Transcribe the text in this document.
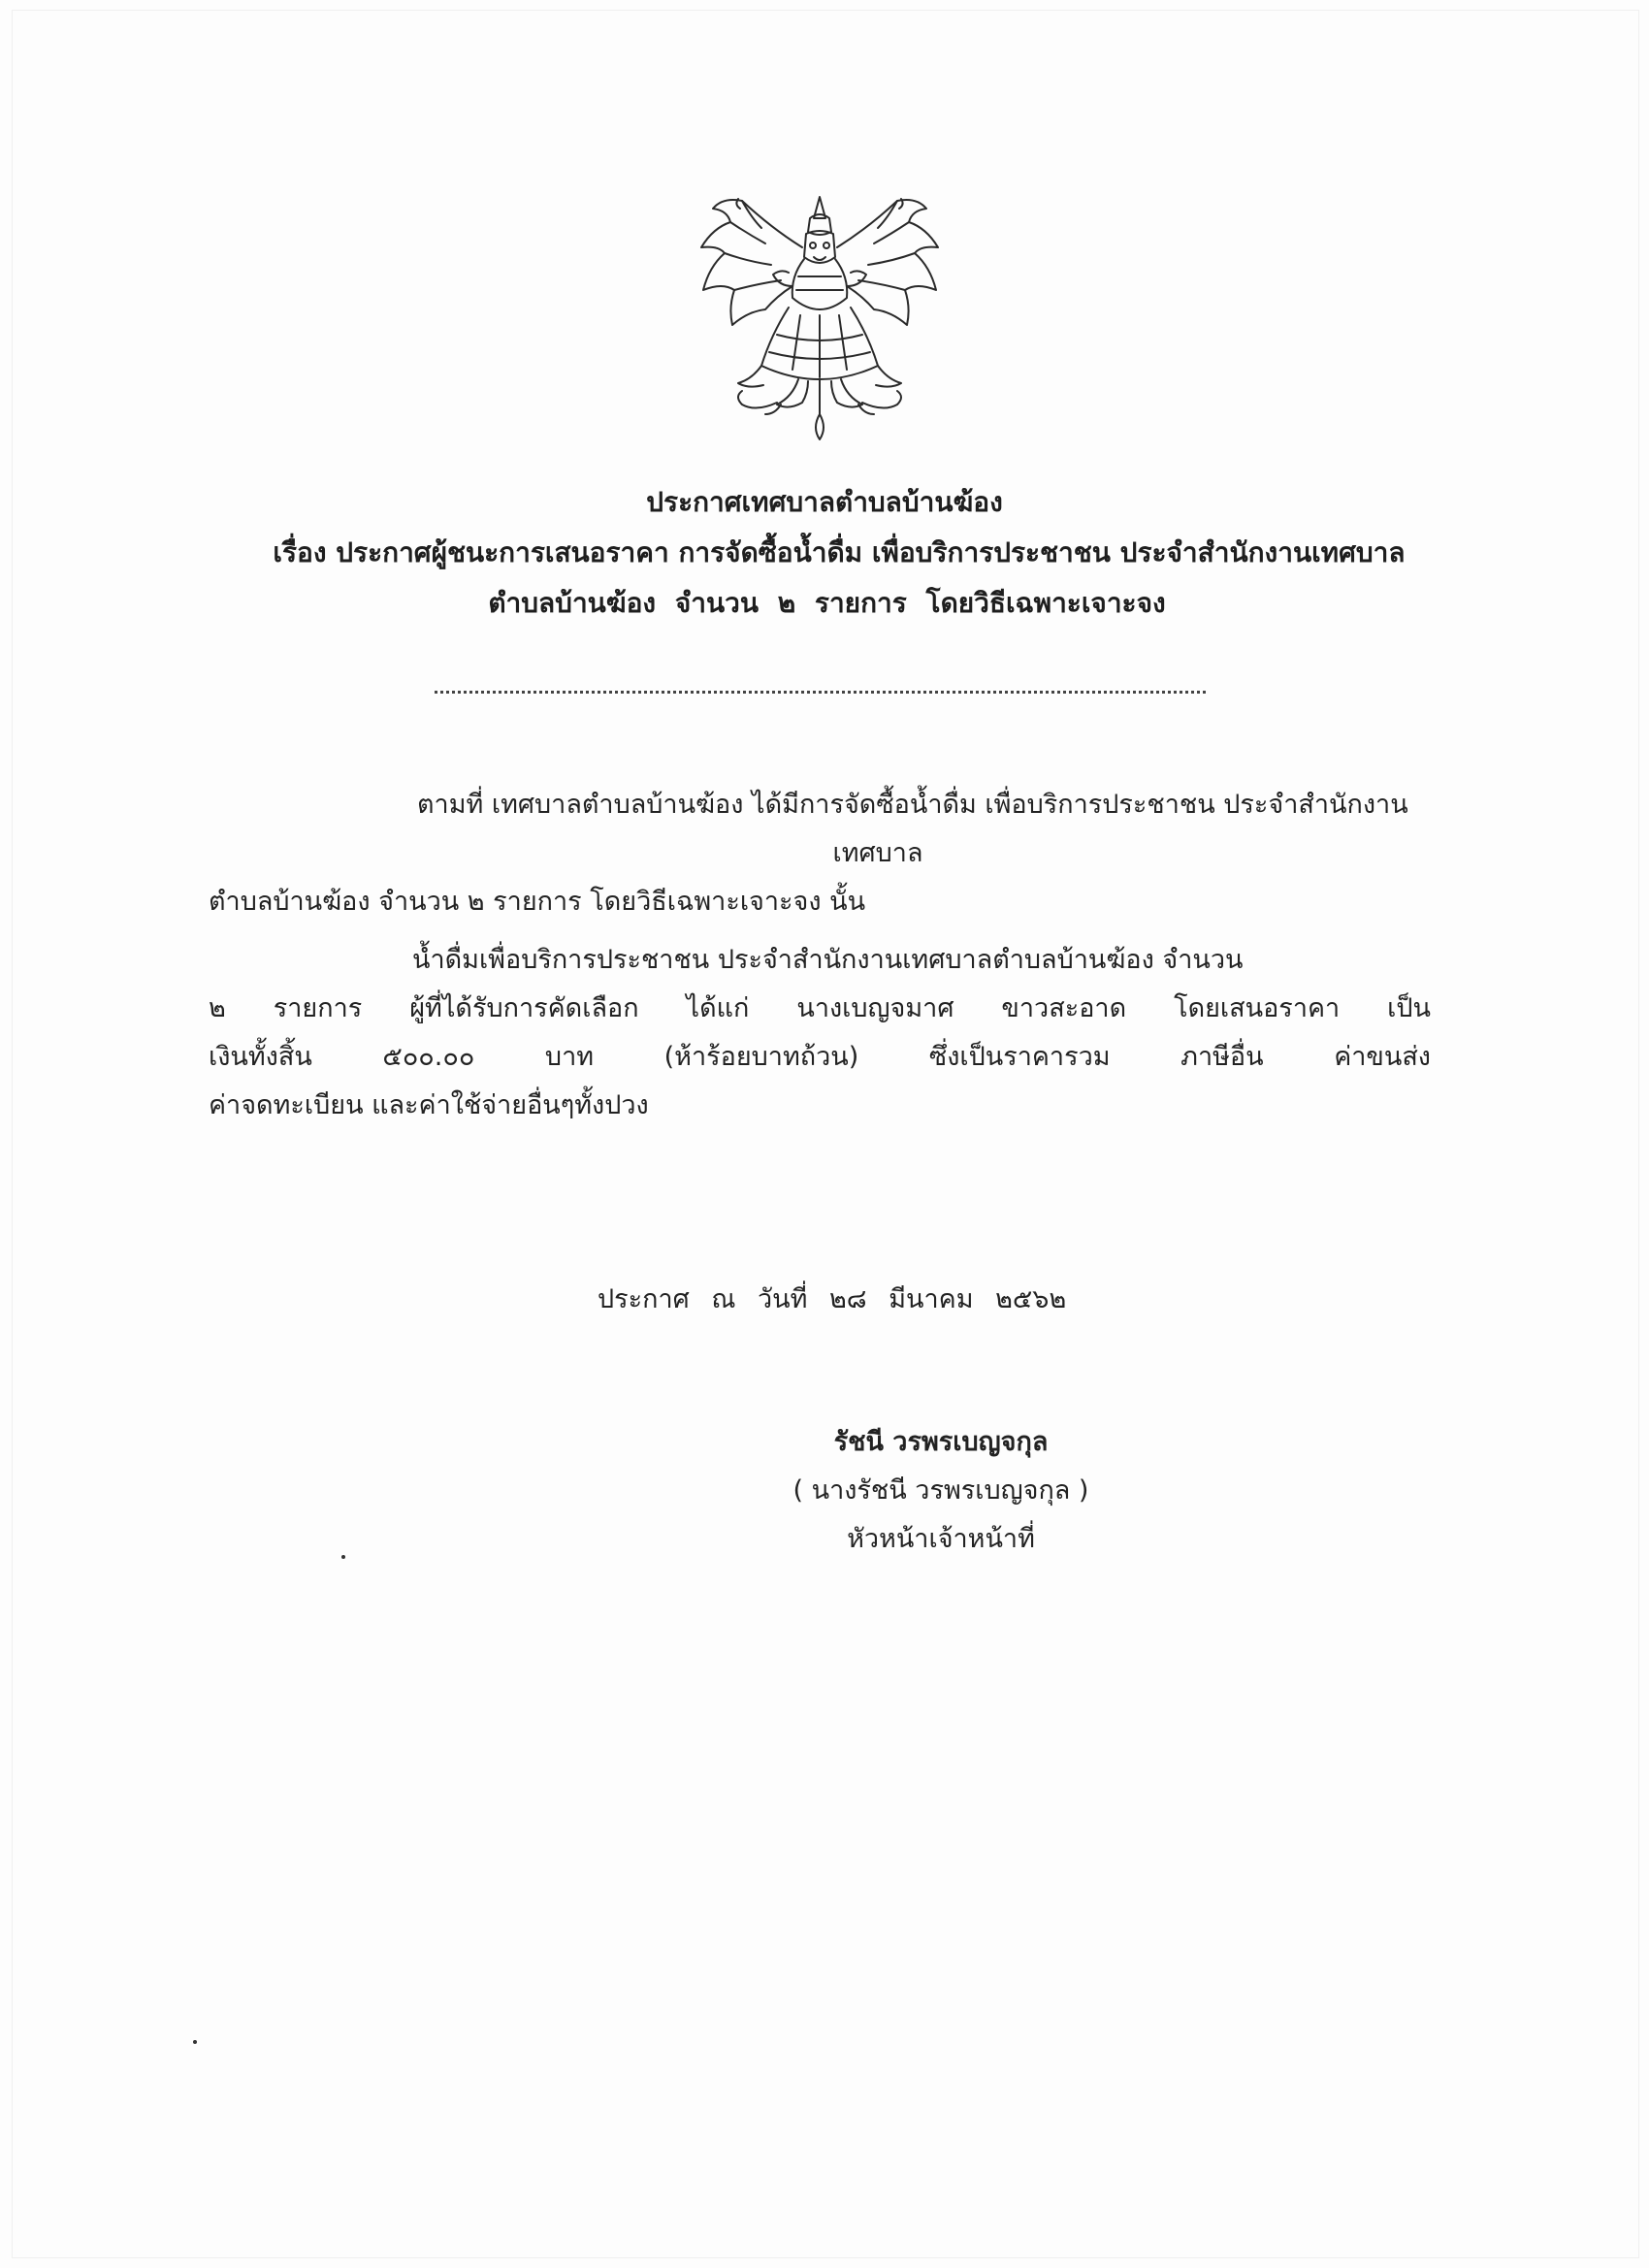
ประกาศเทศบาลตำบลบ้านฆ้อง

เรื่อง ประกาศผู้ชนะการเสนอราคา การจัดซื้อน้ำดื่ม เพื่อบริการประชาชน ประจำสำนักงานเทศบาล
ตำบลบ้านฆ้อง จำนวน ๒ รายการ โดยวิธีเฉพาะเจาะจง
ตามที่ เทศบาลตำบลบ้านฆ้อง ได้มีการจัดซื้อน้ำดื่ม เพื่อบริการประชาชน ประจำสำนักงาน
เทศบาล
ตำบลบ้านฆ้อง จำนวน ๒ รายการ โดยวิธีเฉพาะเจาะจง นั้น
น้ำดื่มเพื่อบริการประชาชน ประจำสำนักงานเทศบาลตำบลบ้านฆ้อง จำนวน
๒ รายการ ผู้ที่ได้รับการคัดเลือก ได้แก่ นางเบญจมาศ ขาวสะอาด โดยเสนอราคา เป็น
เงินทั้งสิ้น ๕๐๐.๐๐ บาท (ห้าร้อยบาทถ้วน) ซึ่งเป็นราคารวม ภาษีอื่น ค่าขนส่ง
ค่าจดทะเบียน และค่าใช้จ่ายอื่นๆทั้งปวง
ประกาศ ณ วันที่ ๒๘ มีนาคม ๒๕๖๒
รัชนี วรพรเบญจกุล
( นางรัชนี วรพรเบญจกุล )
หัวหน้าเจ้าหน้าที่
